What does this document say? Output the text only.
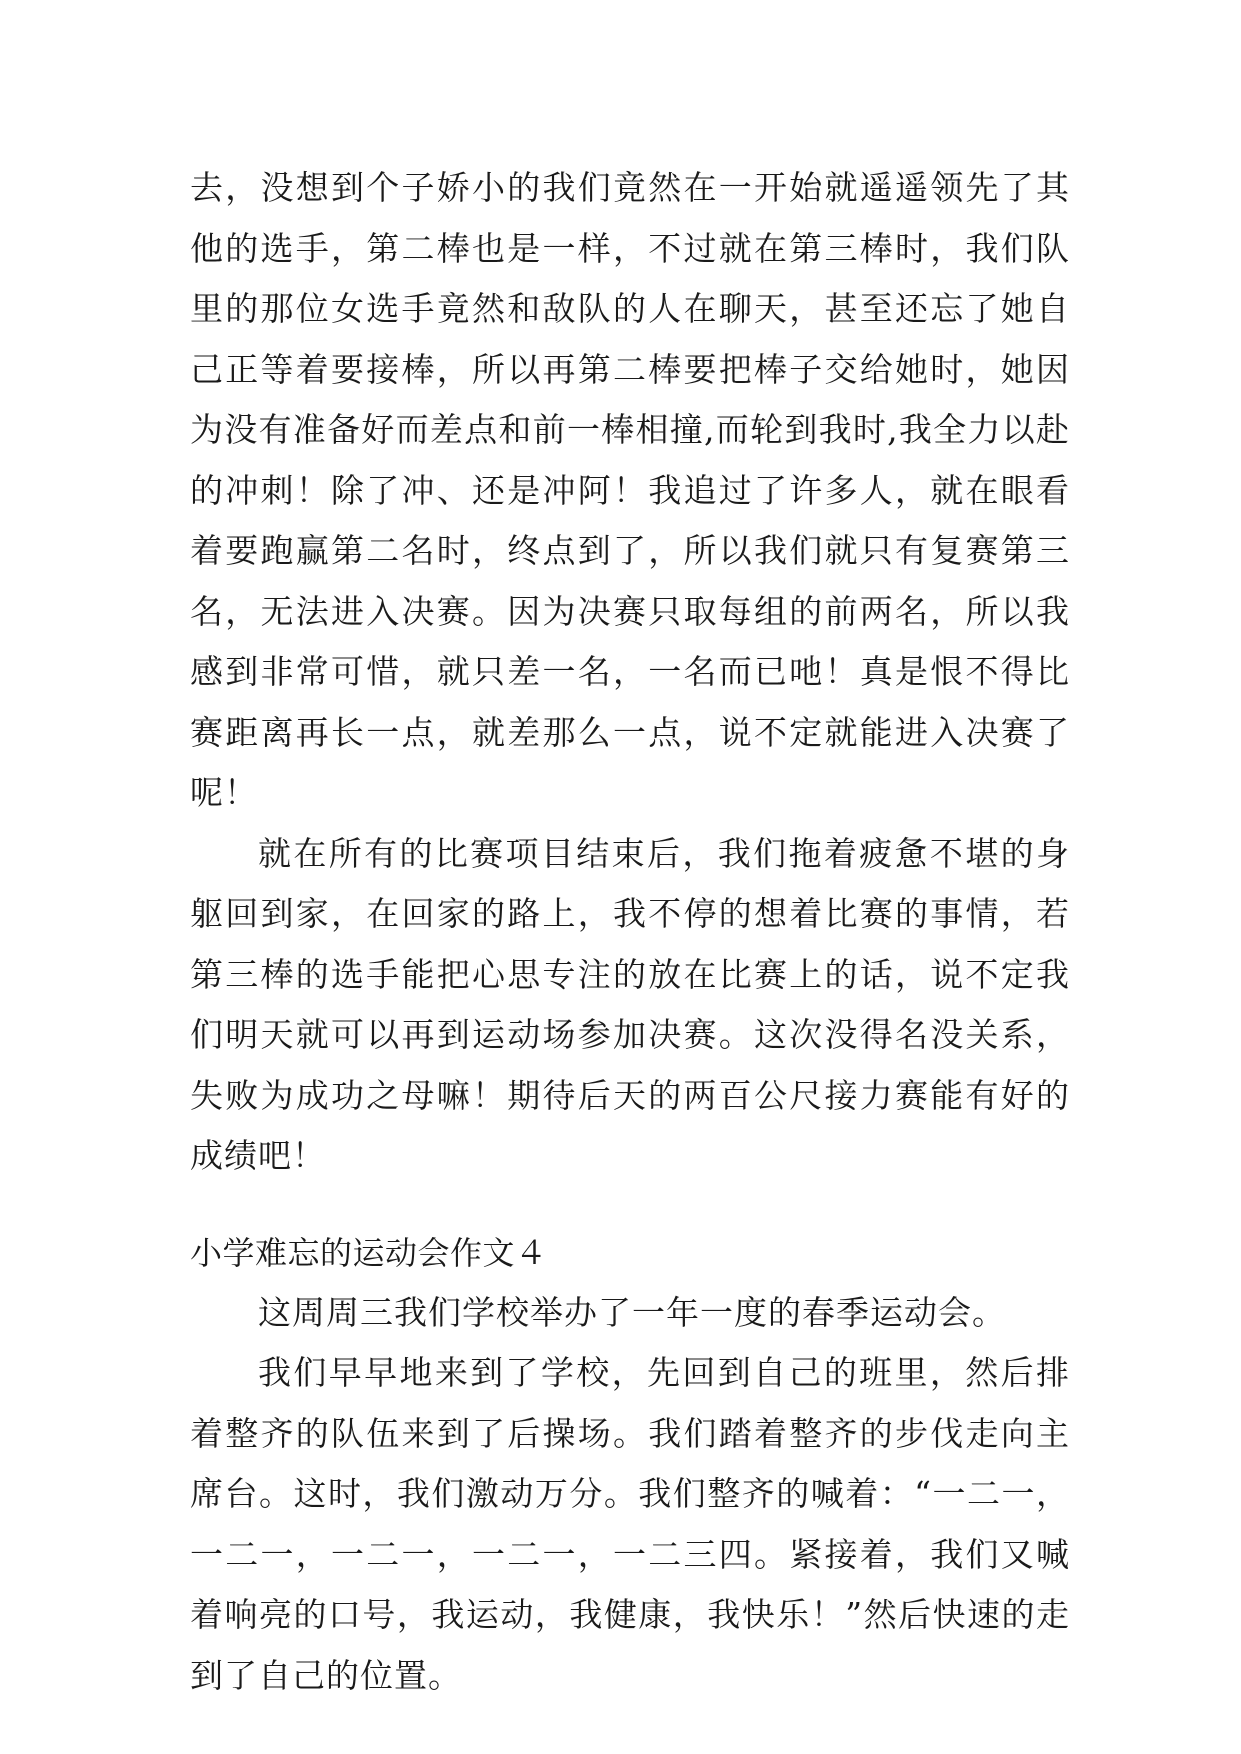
去，没想到个子娇小的我们竟然在一开始就遥遥领先了其他的选手，第二棒也是一样，不过就在第三棒时，我们队里的那位女选手竟然和敌队的人在聊天，甚至还忘了她自己正等着要接棒，所以再第二棒要把棒子交给她时，她因为没有准备好而差点和前一棒相撞,而轮到我时,我全力以赴的冲刺！除了冲、还是冲阿！我追过了许多人，就在眼看着要跑赢第二名时，终点到了，所以我们就只有复赛第三名，无法进入决赛。因为决赛只取每组的前两名，所以我感到非常可惜，就只差一名，一名而已吔！真是恨不得比赛距离再长一点，就差那么一点，说不定就能进入决赛了呢！

就在所有的比赛项目结束后，我们拖着疲惫不堪的身躯回到家，在回家的路上，我不停的想着比赛的事情，若第三棒的选手能把心思专注的放在比赛上的话，说不定我们明天就可以再到运动场参加决赛。这次没得名没关系，失败为成功之母嘛！期待后天的两百公尺接力赛能有好的成绩吧！

小学难忘的运动会作文４

这周周三我们学校举办了一年一度的春季运动会。

我们早早地来到了学校，先回到自己的班里，然后排着整齐的队伍来到了后操场。我们踏着整齐的步伐走向主席台。这时，我们激动万分。我们整齐的喊着：“一二一，一二一，一二一，一二一，一二三四。紧接着，我们又喊着响亮的口号，我运动，我健康，我快乐！”然后快速的走到了自己的位置。
